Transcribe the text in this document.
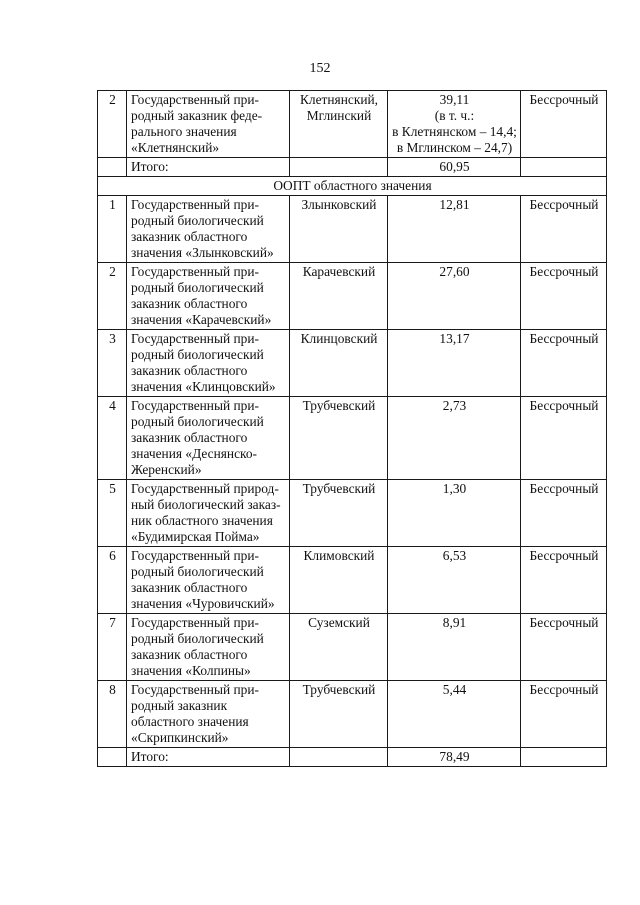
152
2	Государственный при-
родный заказник феде-
рального значения
«Клетнянский»	Клетнянский,
Мглинский	39,11
(в т. ч.:
в Клетнянском – 14,4;
в Мглинском – 24,7)	Бессрочный

	Итого:		60,95	

ООПТ областного значения				

1	Государственный при-
родный биологический
заказник областного
значения «Злынковский»	Злынковский	12,81	Бессрочный

2	Государственный при-
родный биологический
заказник областного
значения «Карачевский»	Карачевский	27,60	Бессрочный

3	Государственный при-
родный биологический
заказник областного
значения «Клинцовский»	Клинцовский	13,17	Бессрочный

4	Государственный при-
родный биологический
заказник областного
значения «Деснянско-
Жеренский»	Трубчевский	2,73	Бессрочный

5	Государственный природ-
ный биологический заказ-
ник областного значения
«Будимирская Пойма»	Трубчевский	1,30	Бессрочный

6	Государственный при-
родный биологический
заказник областного
значения «Чуровичский»	Климовский	6,53	Бессрочный

7	Государственный при-
родный биологический
заказник областного
значения «Колпины»	Суземский	8,91	Бессрочный

8	Государственный при-
родный заказник
областного значения
«Скрипкинский»	Трубчевский	5,44	Бессрочный

	Итого:		78,49	
